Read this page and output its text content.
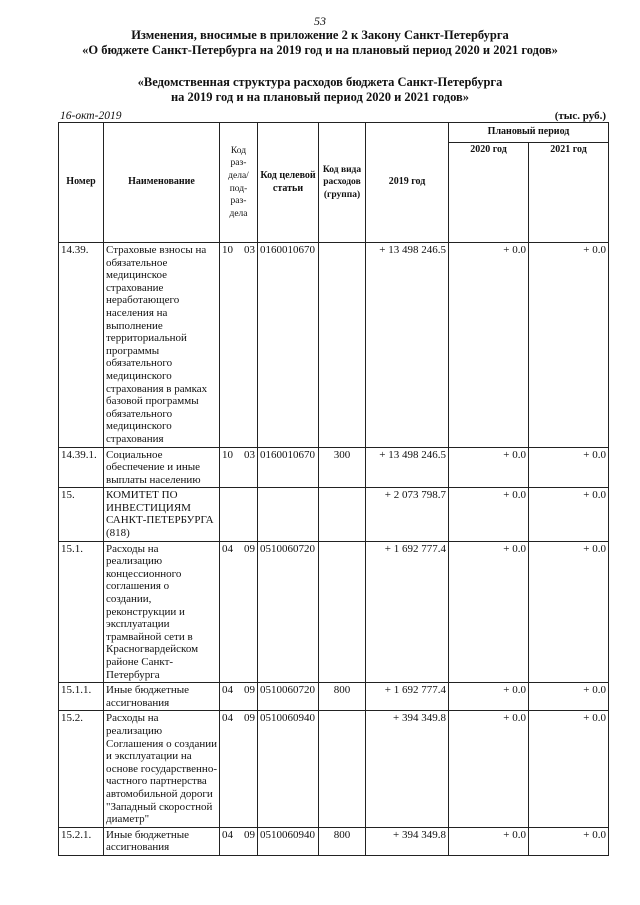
53
Изменения, вносимые в приложение 2 к Закону Санкт-Петербурга
«О бюджете Санкт-Петербурга на 2019 год и на плановый период 2020 и 2021 годов»
«Ведомственная структура расходов бюджета Санкт-Петербурга
на 2019 год и на плановый период 2020 и 2021 годов»
16-окт-2019	(тыс. руб.)
Номер	Наименование	Код раз- дела/ под- раз- дела	Код целевой статьи	Код вида расходов (группа)	2019 год	Плановый период	
						2020 год	2021 год
14.39.	Страховые взносы на обязательное медицинское страхование неработающего населения на выполнение территориальной программы обязательного медицинского страхования в рамках базовой программы обязательного медицинского страхования	10 03	0160010670		+ 13 498 246.5	+ 0.0	+ 0.0
14.39.1.	Социальное обеспечение и иные выплаты населению	10 03	0160010670	300	+ 13 498 246.5	+ 0.0	+ 0.0
15.	КОМИТЕТ ПО ИНВЕСТИЦИЯМ САНКТ-ПЕТЕРБУРГА (818)				+ 2 073 798.7	+ 0.0	+ 0.0
15.1.	Расходы на реализацию концессионного соглашения о создании, реконструкции и эксплуатации трамвайной сети в Красногвардейском районе Санкт-Петербурга	04 09	0510060720		+ 1 692 777.4	+ 0.0	+ 0.0
15.1.1.	Иные бюджетные ассигнования	04 09	0510060720	800	+ 1 692 777.4	+ 0.0	+ 0.0
15.2.	Расходы на реализацию Соглашения о создании и эксплуатации на основе государственно-частного партнерства автомобильной дороги "Западный скоростной диаметр"	04 09	0510060940		+ 394 349.8	+ 0.0	+ 0.0
15.2.1.	Иные бюджетные ассигнования	04 09	0510060940	800	+ 394 349.8	+ 0.0	+ 0.0
